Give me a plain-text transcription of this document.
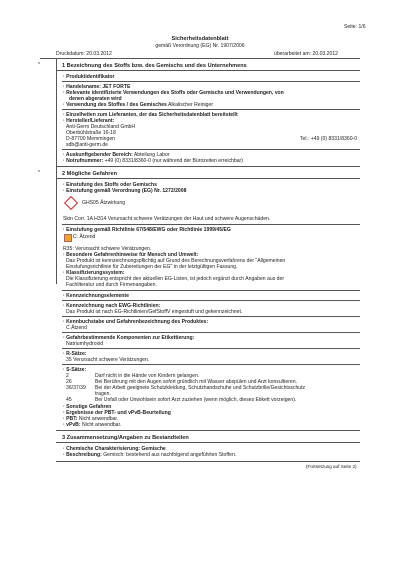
Seite: 1/6
Sicherheitsdatenblatt
gemäß Verordnung (EG) Nr. 1907/2006
Druckdatum: 20.03.2012	überarbeitet am: 20.03.2012
*	1 Bezeichnung des Stoffs bzw. des Gemischs und des Unternehmens
· Produktidentifikator
· Handelsname: JET FORTE
· Relevante identifizierte Verwendungen des Stoffs oder Gemischs und Verwendungen, von
denen abgeraten wird
· Verwendung des Stoffes / des Gemisches Alkalischer Reiniger
· Einzelheiten zum Lieferanten, der das Sicherheitsdatenblatt bereitstellt
· Hersteller/Lieferant:
Anti-Germ Deutschland GmbH
Oberbühlstraße 16-18
D-87700 Memmingen	Tel.: +49 (0) 8331/8360-0
sdb@anti-germ.de
· Auskunftgebender Bereich: Abteilung Labor
· Notrufnummer: +49 (0) 8331/8360-0 (nur während der Bürozeiten erreichbar)
*	2 Mögliche Gefahren
· Einstufung des Stoffs oder Gemischs
· Einstufung gemäß Verordnung (EG) Nr. 1272/2008
GHS05 Ätzwirkung
Skin Corr. 1A H314 Verursacht schwere Verätzungen der Haut und schwere Augenschäden.
· Einstufung gemäß Richtlinie 67/548/EWG oder Richtlinie 1999/45/EG
C: Ätzend
R35: Verursacht schwere Verätzungen.
· Besondere Gefahrenhinweise für Mensch und Umwelt:
Das Produkt ist kennzeichnungspflichtig auf Grund des Berechnungsverfahrens der "Allgemeinen
Einstufungsrichtlinie für Zubereitungen der EG" in der letztgültigen Fassung.
· Klassifizierungssystem:
Die Klassifizierung entspricht den aktuellen EG-Listen, ist jedoch ergänzt durch Angaben aus der
Fachliteratur und durch Firmenangaben.
· Kennzeichnungselemente
· Kennzeichnung nach EWG-Richtlinien:
Das Produkt ist nach EG-Richtlinien/GefStoffV eingestuft und gekennzeichnet.
· Kennbuchstabe und Gefahrenbezeichnung des Produktes:
C Ätzend
· Gefahrbestimmende Komponenten zur Etikettierung:
Natriumhydroxid
· R-Sätze:
35 Verursacht schwere Verätzungen.
· S-Sätze:
2	Darf nicht in die Hände von Kindern gelangen.
26	Bei Berührung mit den Augen sofort gründlich mit Wasser abspülen und Arzt konsultieren.
36/37/39 Bei der Arbeit geeignete Schutzkleidung, Schutzhandschuhe und Schutzbrille/Gesichtsschutz
tragen.
45	Bei Unfall oder Unwohlsein sofort Arzt zuziehen (wenn möglich, dieses Etikett vorzeigen).
· Sonstige Gefahren
· Ergebnisse der PBT- und vPvB-Beurteilung
· PBT: Nicht anwendbar.
· vPvB: Nicht anwendbar.
3 Zusammensetzung/Angaben zu Bestandteilen
· Chemische Charakterisierung: Gemische
· Beschreibung: Gemisch: bestehend aus nachfolgend angeführten Stoffen.
(Fortsetzung auf Seite 2)
